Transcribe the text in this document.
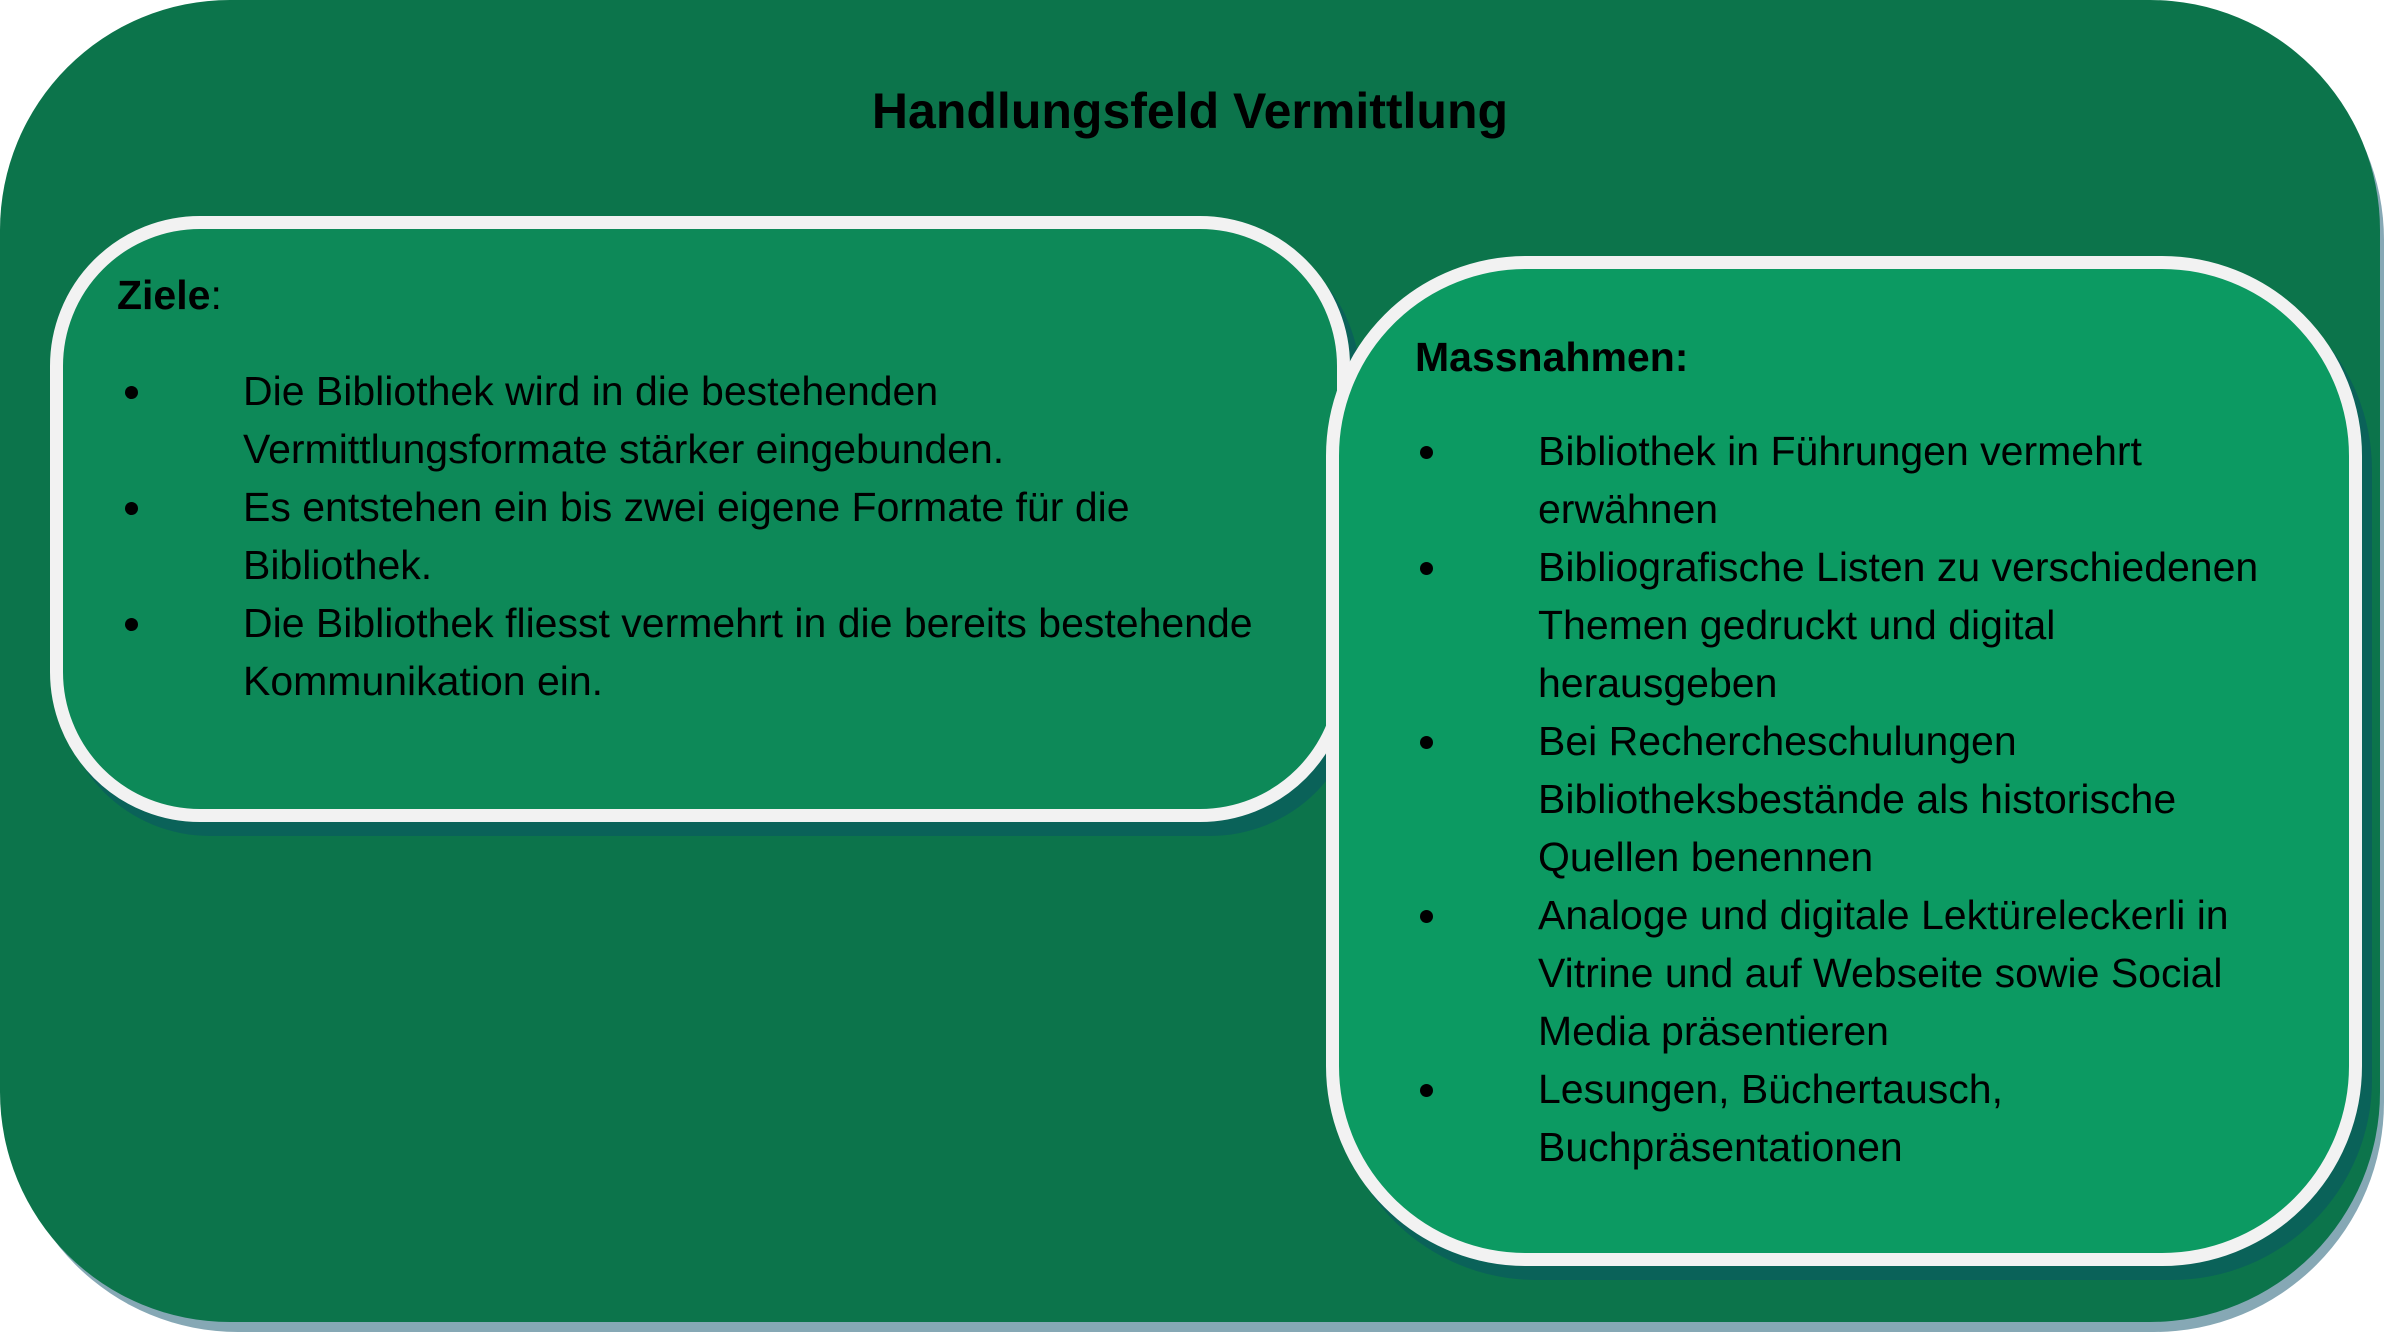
Handlungsfeld Vermittlung
Ziele:
Die Bibliothek wird in die bestehenden Vermittlungsformate stärker eingebunden.
Es entstehen ein bis zwei eigene Formate für die Bibliothek.
Die Bibliothek fliesst vermehrt in die bereits bestehende Kommunikation ein.
Massnahmen:
Bibliothek in Führungen vermehrt erwähnen
Bibliografische Listen zu verschiedenen Themen gedruckt und digital herausgeben
Bei Rechercheschulungen Bibliotheksbestände als historische Quellen benennen
Analoge und digitale Lektüreleckerli in Vitrine und auf Webseite sowie Social Media präsentieren
Lesungen, Büchertausch, Buchpräsentationen
